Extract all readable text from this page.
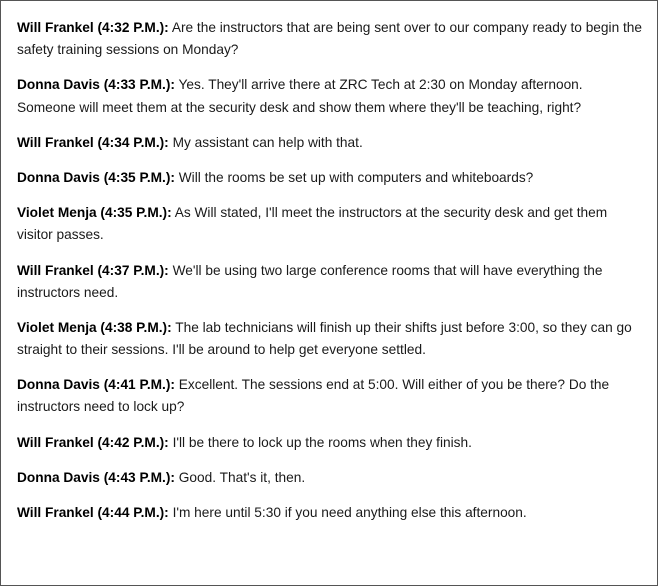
Will Frankel (4:32 P.M.): Are the instructors that are being sent over to our company ready to begin the safety training sessions on Monday?

Donna Davis (4:33 P.M.): Yes. They'll arrive there at ZRC Tech at 2:30 on Monday afternoon. Someone will meet them at the security desk and show them where they'll be teaching, right?

Will Frankel (4:34 P.M.): My assistant can help with that.

Donna Davis (4:35 P.M.): Will the rooms be set up with computers and whiteboards?

Violet Menja (4:35 P.M.): As Will stated, I'll meet the instructors at the security desk and get them visitor passes.

Will Frankel (4:37 P.M.): We'll be using two large conference rooms that will have everything the instructors need.

Violet Menja (4:38 P.M.): The lab technicians will finish up their shifts just before 3:00, so they can go straight to their sessions. I'll be around to help get everyone settled.

Donna Davis (4:41 P.M.): Excellent. The sessions end at 5:00. Will either of you be there? Do the instructors need to lock up?

Will Frankel (4:42 P.M.): I'll be there to lock up the rooms when they finish.

Donna Davis (4:43 P.M.): Good. That's it, then.

Will Frankel (4:44 P.M.): I'm here until 5:30 if you need anything else this afternoon.
